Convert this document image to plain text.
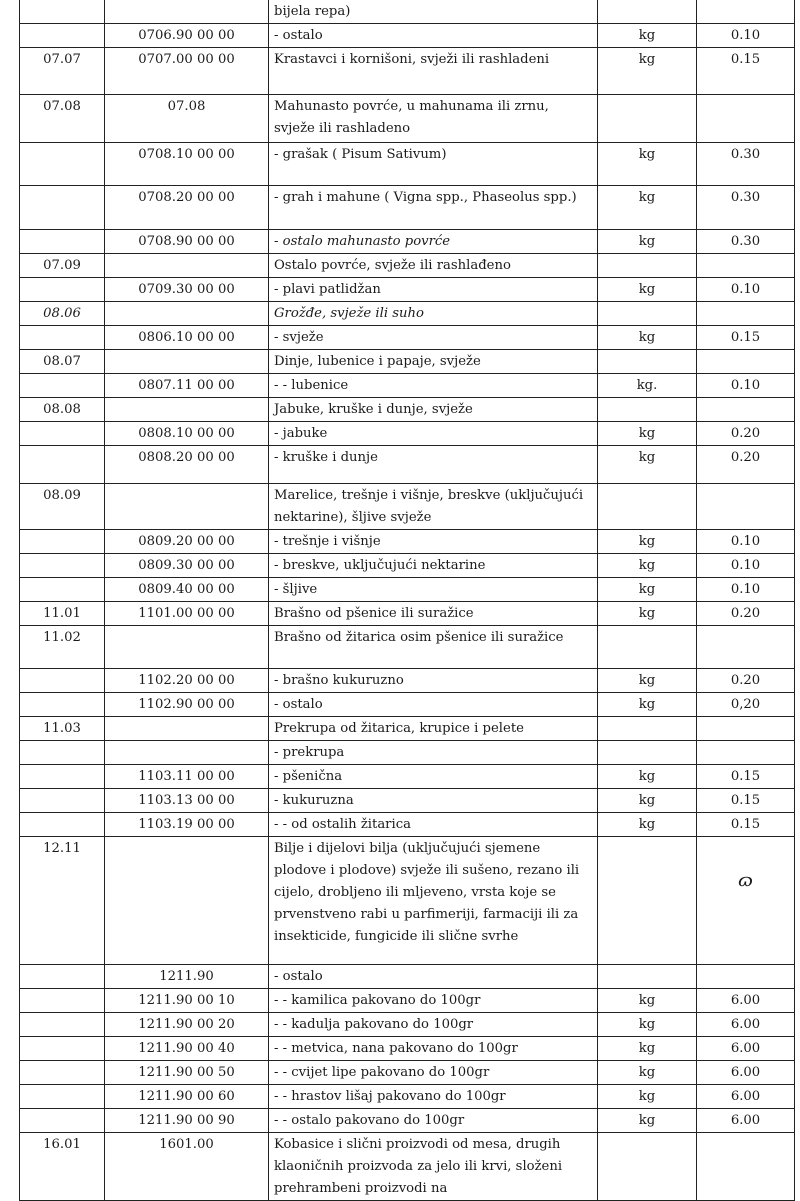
		bijela repa)		
	0706.90 00 00	- ostalo	kg	0.10
07.07	0707.00 00 00	Krastavci i kornišoni, svježi ili rashladeni	kg	0.15
07.08	07.08	Mahunasto povrće, u mahunama ili zrnu, svježe ili rashladeno		
	0708.10 00 00	- grašak ( Pisum Sativum)	kg	0.30
	0708.20 00 00	- grah i mahune ( Vigna spp., Phaseolus spp.)	kg	0.30
	0708.90 00 00	- ostalo mahunasto povrće	kg	0.30
07.09		Ostalo povrće, svježe ili rashlađeno		
	0709.30 00 00	- plavi patlidžan	kg	0.10
08.06		Grožđe, svježe ili suho		
	0806.10 00 00	- svježe	kg	0.15
08.07		Dinje, lubenice i papaje, svježe		
	0807.11 00 00	- - lubenice	kg.	0.10
08.08		Jabuke, kruške i dunje, svježe		
	0808.10 00 00	- jabuke	kg	0.20
	0808.20 00 00	- kruške i dunje	kg	0.20
08.09		Marelice, trešnje i višnje, breskve (uključujući nektarine), šljive svježe		
	0809.20 00 00	- trešnje i višnje	kg	0.10
	0809.30 00 00	- breskve, uključujući nektarine	kg	0.10
	0809.40 00 00	- šljive	kg	0.10
11.01	1101.00 00 00	Brašno od pšenice ili suražice	kg	0.20
11.02		Brašno od žitarica osim pšenice ili suražice		
	1102.20 00 00	- brašno kukuruzno	kg	0.20
	1102.90 00 00	- ostalo	kg	0,20
11.03		Prekrupa od žitarica, krupice i pelete		
		- prekrupa		
	1103.11 00 00	- pšenična	kg	0.15
	1103.13 00 00	- kukuruzna	kg	0.15
	1103.19 00 00	- - od ostalih žitarica	kg	0.15
12.11		Bilje i dijelovi bilja (uključujući sjemene plodove i plodove) svježe ili sušeno, rezano ili cijelo, drobljeno ili mljeveno, vrsta koje se prvenstveno rabi u parfimeriji, farmaciji ili za insekticide, fungicide ili slične svrhe		ɷ

	1211.90	- ostalo		
	1211.90 00 10	- - kamilica pakovano do 100gr	kg	6.00
	1211.90 00 20	- - kadulja pakovano do 100gr	kg	6.00
	1211.90 00 40	- - metvica, nana pakovano do 100gr	kg	6.00
	1211.90 00 50	- - cvijet lipe pakovano do 100gr	kg	6.00
	1211.90 00 60	- - hrastov lišaj pakovano do 100gr	kg	6.00
	1211.90 00 90	- - ostalo pakovano do 100gr	kg	6.00
16.01	1601.00	Kobasice i slični proizvodi od mesa, drugih klaoničnih proizvoda za jelo ili krvi, složeni prehrambeni proizvodi na		
